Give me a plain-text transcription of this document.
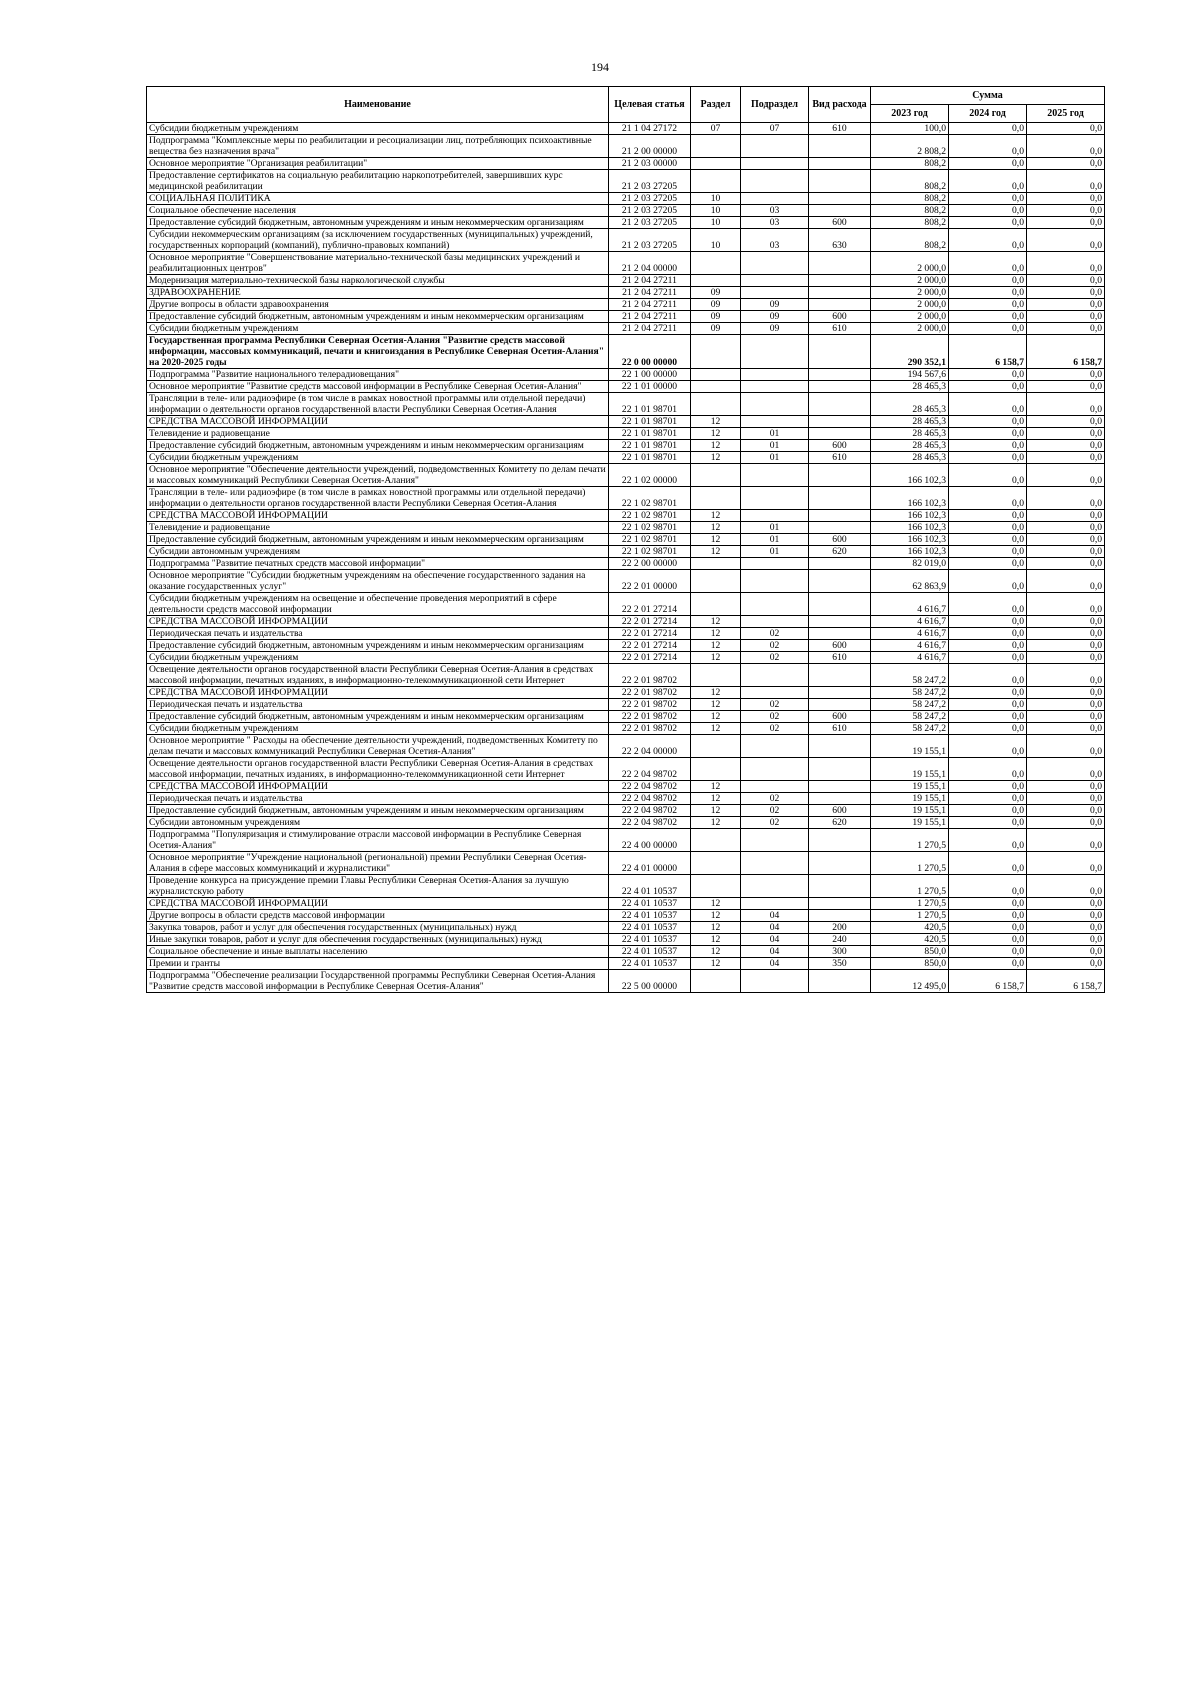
194
Наименование	Целевая статья	Раздел	Подраздел	Вид расхода	Сумма		
					2023 год	2024 год	2025 год
Субсидии бюджетным учреждениям	21 1 04 27172	07	07	610	100,0	0,0	0,0
Подпрограмма "Комплексные меры по реабилитации и ресоциализации лиц, потребляющих психоактивные вещества без назначения врача"	21 2 00 00000				2 808,2	0,0	0,0
Основное мероприятие "Организация реабилитации"	21 2 03 00000				808,2	0,0	0,0
Предоставление сертификатов на социальную реабилитацию наркопотребителей, завершивших курс медицинской реабилитации	21 2 03 27205				808,2	0,0	0,0
СОЦИАЛЬНАЯ ПОЛИТИКА	21 2 03 27205	10			808,2	0,0	0,0
Социальное обеспечение населения	21 2 03 27205	10	03		808,2	0,0	0,0
Предоставление субсидий бюджетным, автономным учреждениям и иным некоммерческим организациям	21 2 03 27205	10	03	600	808,2	0,0	0,0
Субсидии некоммерческим организациям (за исключением государственных (муниципальных) учреждений, государственных корпораций (компаний), публично-правовых компаний)	21 2 03 27205	10	03	630	808,2	0,0	0,0
Основное мероприятие "Совершенствование материально-технической базы медицинских учреждений и реабилитационных центров"	21 2 04 00000				2 000,0	0,0	0,0
Модернизация материально-технической базы наркологической службы	21 2 04 27211				2 000,0	0,0	0,0
ЗДРАВООХРАНЕНИЕ	21 2 04 27211	09			2 000,0	0,0	0,0
Другие вопросы в области здравоохранения	21 2 04 27211	09	09		2 000,0	0,0	0,0
Предоставление субсидий бюджетным, автономным учреждениям и иным некоммерческим организациям	21 2 04 27211	09	09	600	2 000,0	0,0	0,0
Субсидии бюджетным учреждениям	21 2 04 27211	09	09	610	2 000,0	0,0	0,0
Государственная программа Республики Северная Осетия-Алания "Развитие средств массовой информации, массовых коммуникаций, печати и книгоиздания в Республике Северная Осетия-Алания" на 2020-2025 годы	22 0 00 00000				290 352,1	6 158,7	6 158,7
Подпрограмма "Развитие национального телерадиовещания"	22 1 00 00000				194 567,6	0,0	0,0
Основное мероприятие "Развитие средств массовой информации в Республике Северная Осетия-Алания"	22 1 01 00000				28 465,3	0,0	0,0
Трансляции в теле- или радиоэфире (в том числе в рамках новостной программы или отдельной передачи) информации о деятельности органов государственной власти Республики Северная Осетия-Алания	22 1 01 98701				28 465,3	0,0	0,0
СРЕДСТВА МАССОВОЙ ИНФОРМАЦИИ	22 1 01 98701	12			28 465,3	0,0	0,0
Телевидение и радиовещание	22 1 01 98701	12	01		28 465,3	0,0	0,0
Предоставление субсидий бюджетным, автономным учреждениям и иным некоммерческим организациям	22 1 01 98701	12	01	600	28 465,3	0,0	0,0
Субсидии бюджетным учреждениям	22 1 01 98701	12	01	610	28 465,3	0,0	0,0
Основное мероприятие "Обеспечение деятельности учреждений, подведомственных Комитету по делам печати и массовых коммуникаций Республики Северная Осетия-Алания"	22 1 02 00000				166 102,3	0,0	0,0
Трансляции в теле- или радиоэфире (в том числе в рамках новостной программы или отдельной передачи) информации о деятельности органов государственной власти Республики Северная Осетия-Алания	22 1 02 98701				166 102,3	0,0	0,0
СРЕДСТВА МАССОВОЙ ИНФОРМАЦИИ	22 1 02 98701	12			166 102,3	0,0	0,0
Телевидение и радиовещание	22 1 02 98701	12	01		166 102,3	0,0	0,0
Предоставление субсидий бюджетным, автономным учреждениям и иным некоммерческим организациям	22 1 02 98701	12	01	600	166 102,3	0,0	0,0
Субсидии автономным учреждениям	22 1 02 98701	12	01	620	166 102,3	0,0	0,0
Подпрограмма "Развитие печатных средств массовой информации"	22 2 00 00000				82 019,0	0,0	0,0
Основное мероприятие "Субсидии бюджетным учреждениям на обеспечение государственного задания на оказание государственных услуг"	22 2 01 00000				62 863,9	0,0	0,0
Субсидии бюджетным учреждениям на освещение и обеспечение проведения мероприятий в сфере деятельности средств массовой информации	22 2 01 27214				4 616,7	0,0	0,0
СРЕДСТВА МАССОВОЙ ИНФОРМАЦИИ	22 2 01 27214	12			4 616,7	0,0	0,0
Периодическая печать и издательства	22 2 01 27214	12	02		4 616,7	0,0	0,0
Предоставление субсидий бюджетным, автономным учреждениям и иным некоммерческим организациям	22 2 01 27214	12	02	600	4 616,7	0,0	0,0
Субсидии бюджетным учреждениям	22 2 01 27214	12	02	610	4 616,7	0,0	0,0
Освещение деятельности органов государственной власти Республики Северная Осетия-Алания в средствах массовой информации, печатных изданиях, в информационно-телекоммуникационной сети Интернет	22 2 01 98702				58 247,2	0,0	0,0
СРЕДСТВА МАССОВОЙ ИНФОРМАЦИИ	22 2 01 98702	12			58 247,2	0,0	0,0
Периодическая печать и издательства	22 2 01 98702	12	02		58 247,2	0,0	0,0
Предоставление субсидий бюджетным, автономным учреждениям и иным некоммерческим организациям	22 2 01 98702	12	02	600	58 247,2	0,0	0,0
Субсидии бюджетным учреждениям	22 2 01 98702	12	02	610	58 247,2	0,0	0,0
Основное мероприятие " Расходы на обеспечение деятельности учреждений, подведомственных Комитету по делам печати и массовых коммуникаций Республики Северная Осетия-Алания"	22 2 04 00000				19 155,1	0,0	0,0
Освещение деятельности органов государственной власти Республики Северная Осетия-Алания в средствах массовой информации, печатных изданиях, в информационно-телекоммуникационной сети Интернет	22 2 04 98702				19 155,1	0,0	0,0
СРЕДСТВА МАССОВОЙ ИНФОРМАЦИИ	22 2 04 98702	12			19 155,1	0,0	0,0
Периодическая печать и издательства	22 2 04 98702	12	02		19 155,1	0,0	0,0
Предоставление субсидий бюджетным, автономным учреждениям и иным некоммерческим организациям	22 2 04 98702	12	02	600	19 155,1	0,0	0,0
Субсидии автономным учреждениям	22 2 04 98702	12	02	620	19 155,1	0,0	0,0
Подпрограмма "Популяризация и стимулирование отрасли массовой информации в Республике Северная Осетия-Алания"	22 4 00 00000				1 270,5	0,0	0,0
Основное мероприятие "Учреждение национальной (региональной) премии Республики Северная Осетия-Алания в сфере массовых коммуникаций и журналистики"	22 4 01 00000				1 270,5	0,0	0,0
Проведение конкурса на присуждение премии Главы Республики Северная Осетия-Алания за лучшую журналистскую работу	22 4 01 10537				1 270,5	0,0	0,0
СРЕДСТВА МАССОВОЙ ИНФОРМАЦИИ	22 4 01 10537	12			1 270,5	0,0	0,0
Другие вопросы в области средств массовой информации	22 4 01 10537	12	04		1 270,5	0,0	0,0
Закупка товаров, работ и услуг для обеспечения государственных (муниципальных) нужд	22 4 01 10537	12	04	200	420,5	0,0	0,0
Иные закупки товаров, работ и услуг для обеспечения государственных (муниципальных) нужд	22 4 01 10537	12	04	240	420,5	0,0	0,0
Социальное обеспечение и иные выплаты населению	22 4 01 10537	12	04	300	850,0	0,0	0,0
Премии и гранты	22 4 01 10537	12	04	350	850,0	0,0	0,0
Подпрограмма "Обеспечение реализации Государственной программы Республики Северная Осетия-Алания "Развитие средств массовой информации в Республике Северная Осетия-Алания"	22 5 00 00000				12 495,0	6 158,7	6 158,7
